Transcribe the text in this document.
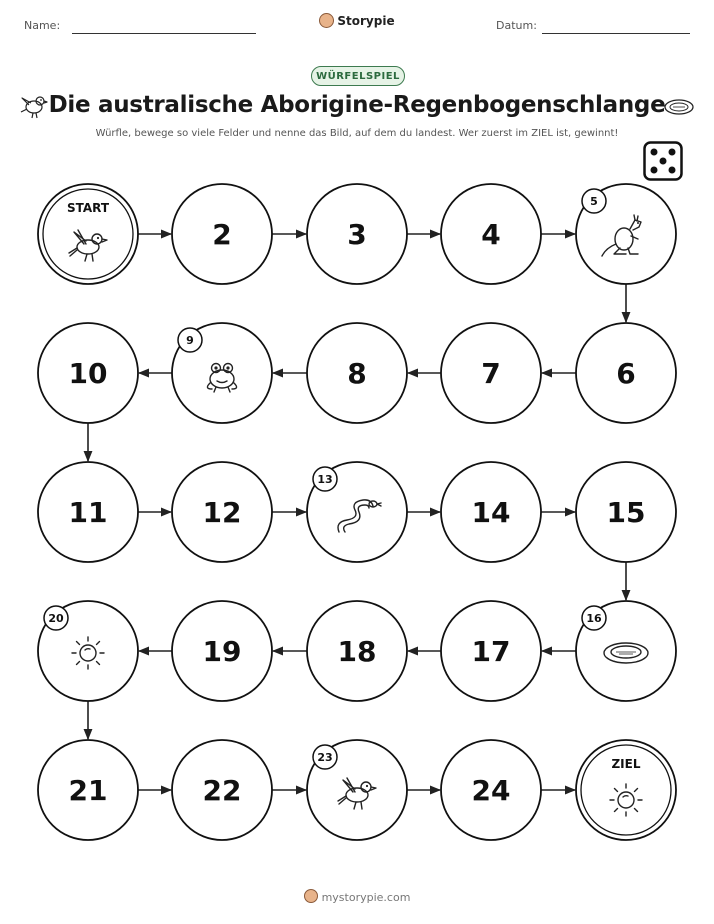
Name:	Storypie	Datum:
WÜRFELSPIEL
Die australische Aborigine-Regenbogenschlange
Würfle, bewege so viele Felder und nenne das Bild, auf dem du landest. Wer zuerst im ZIEL ist, gewinnt!
START
2	3	4
5
6
7
8
9
10
11	12
13
14	15
16
17
18
19
20
21	22
23
24
ZIEL
mystorypie.com
